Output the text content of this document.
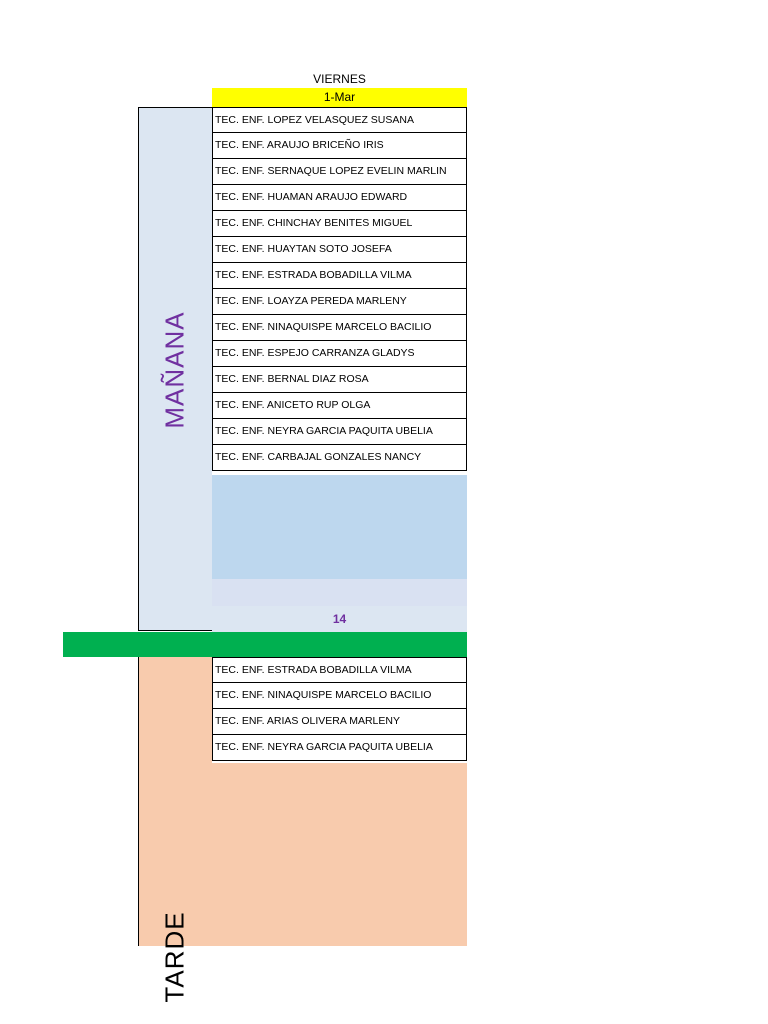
VIERNES
1-Mar
MAÑANA
TEC. ENF. LOPEZ VELASQUEZ SUSANA
TEC. ENF. ARAUJO BRICEÑO IRIS
TEC. ENF. SERNAQUE LOPEZ EVELIN MARLIN
TEC. ENF. HUAMAN ARAUJO EDWARD
TEC. ENF. CHINCHAY BENITES MIGUEL
TEC. ENF. HUAYTAN SOTO JOSEFA
TEC. ENF. ESTRADA BOBADILLA VILMA
TEC. ENF. LOAYZA PEREDA MARLENY
TEC. ENF. NINAQUISPE MARCELO BACILIO
TEC. ENF. ESPEJO CARRANZA GLADYS
TEC. ENF. BERNAL DIAZ ROSA
TEC. ENF. ANICETO RUP OLGA
TEC. ENF. NEYRA GARCIA PAQUITA UBELIA
TEC. ENF. CARBAJAL GONZALES NANCY
14
TARDE
TEC. ENF. ESTRADA BOBADILLA VILMA
TEC. ENF. NINAQUISPE MARCELO BACILIO
TEC. ENF. ARIAS OLIVERA MARLENY
TEC. ENF. NEYRA GARCIA PAQUITA UBELIA
